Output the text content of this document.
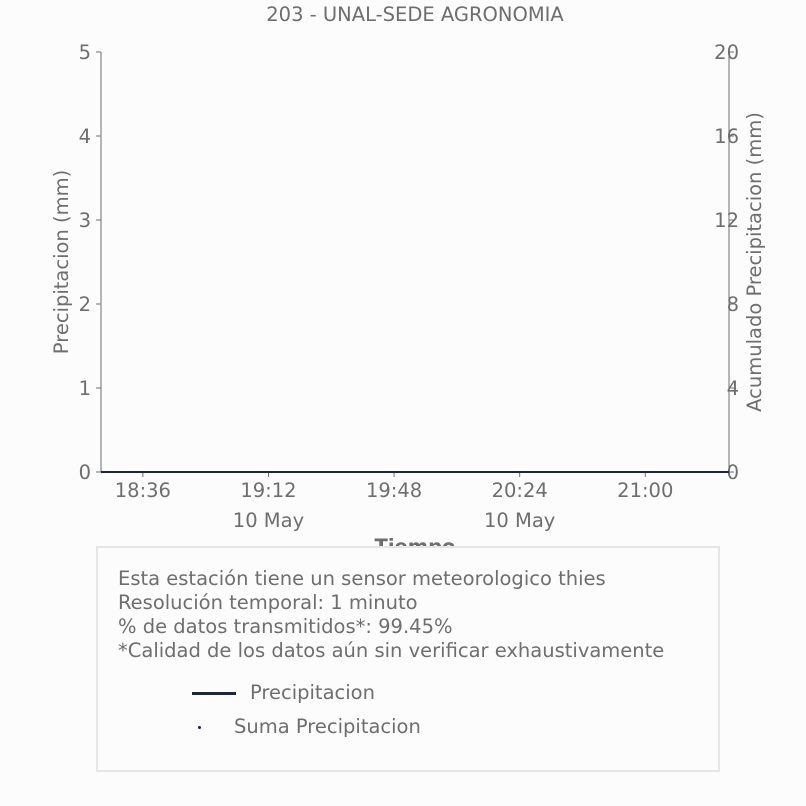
203 - UNAL-SEDE AGRONOMIA
0
1
2
3
4
5
0
4
8
12
16
20
18:36	19:12
10 May
19:48	20:24
10 May
21:00
Precipitacion (mm)	Acumulado Precipitacion (mm)
Esta estación tiene un sensor meteorologico thies
Resolución temporal: 1 minuto
% de datos transmitidos*: 99.45%
*Calidad de los datos aún sin verificar exhaustivamente
Precipitacion
Suma Precipitacion
